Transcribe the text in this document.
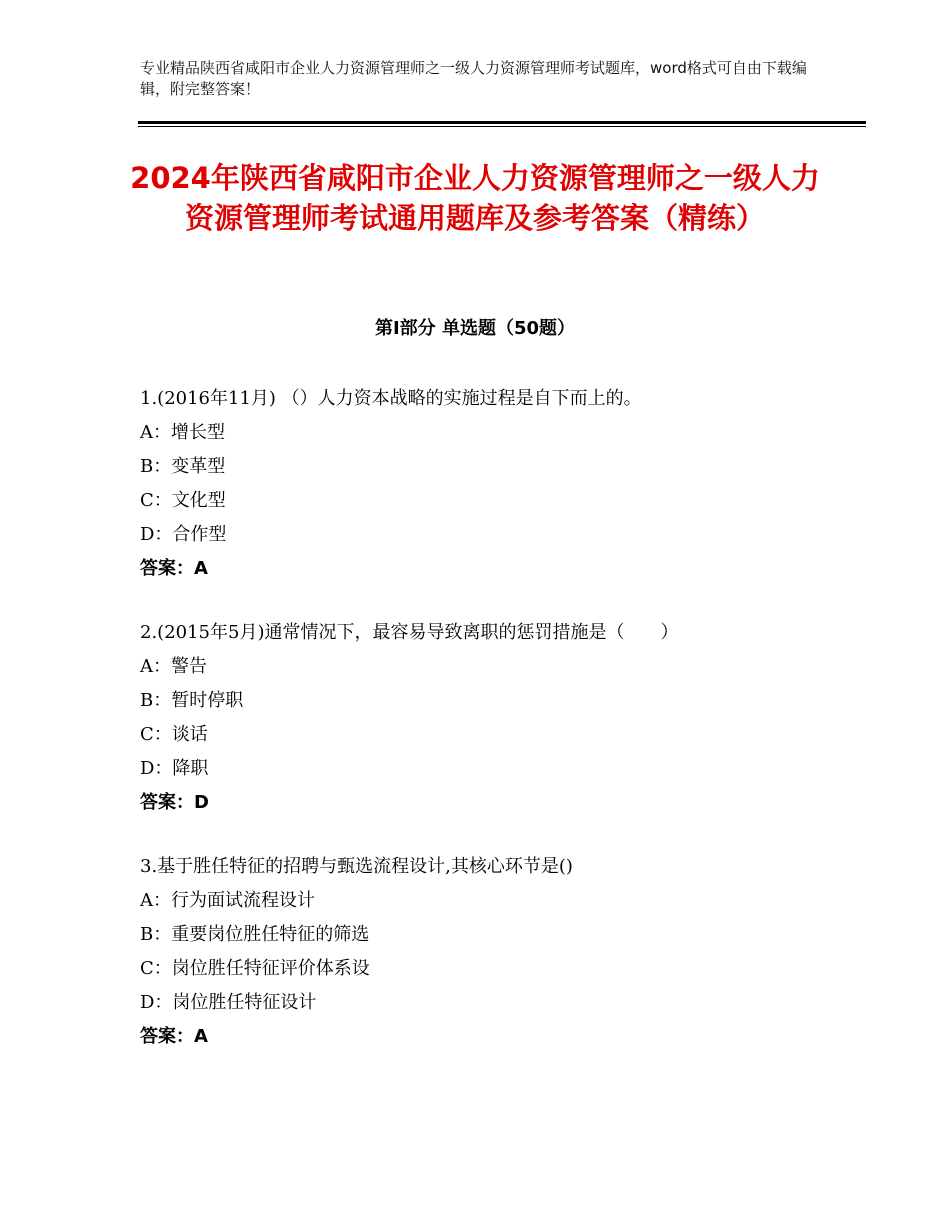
专业精品陕西省咸阳市企业人力资源管理师之一级人力资源管理师考试题库，word格式可自由下载编辑，附完整答案！
2024年陕西省咸阳市企业人力资源管理师之一级人力资源管理师考试通用题库及参考答案（精练）
第Ⅰ部分 单选题（50题）
1.(2016年11月) （）人力资本战略的实施过程是自下而上的。
A：增长型
B：变革型
C：文化型
D：合作型
答案：A
2.(2015年5月)通常情况下，最容易导致离职的惩罚措施是（　　）
A：警告
B：暂时停职
C：谈话
D：降职
答案：D
3.基于胜任特征的招聘与甄选流程设计,其核心环节是()
A：行为面试流程设计
B：重要岗位胜任特征的筛选
C：岗位胜任特征评价体系设
D：岗位胜任特征设计
答案：A
